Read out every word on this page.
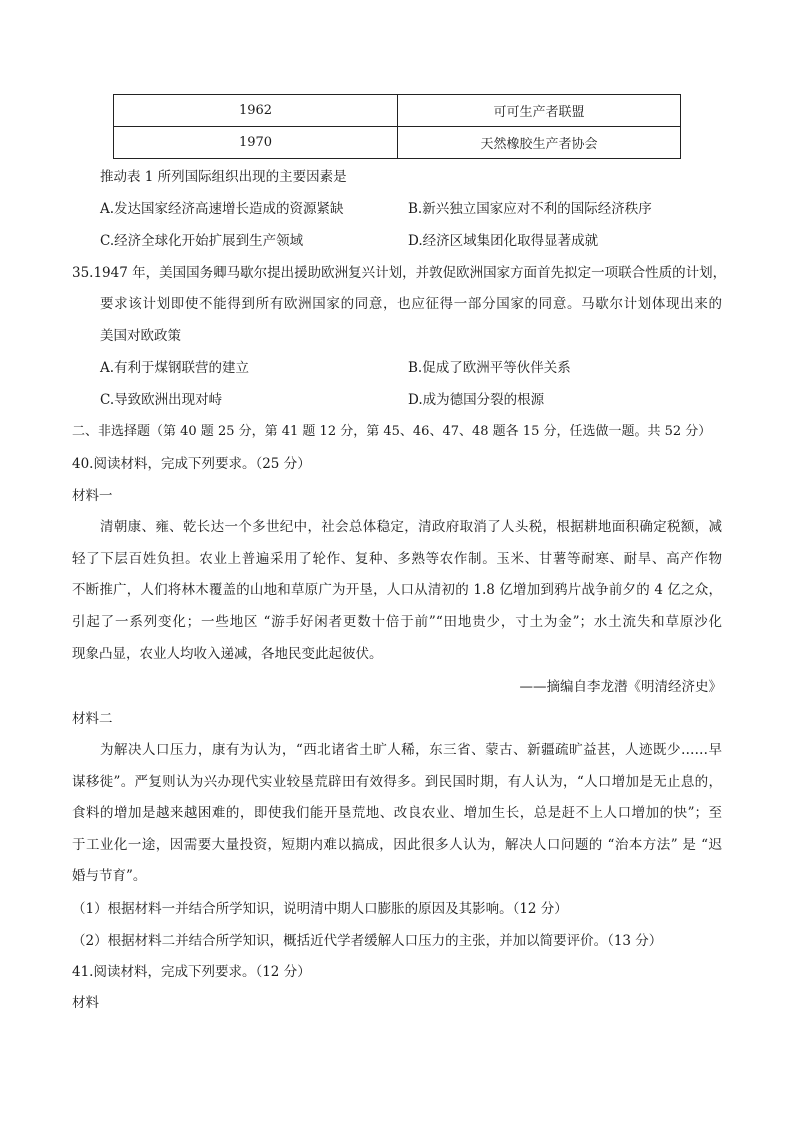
1962	可可生产者联盟
1970	天然橡胶生产者协会
推动表 1 所列国际组织出现的主要因素是
A.发达国家经济高速增长造成的资源紧缺	B.新兴独立国家应对不利的国际经济秩序
C.经济全球化开始扩展到生产领域	D.经济区域集团化取得显著成就
35.1947 年，美国国务卿马歇尔提出援助欧洲复兴计划，并敦促欧洲国家方面首先拟定一项联合性质的计划，
要求该计划即使不能得到所有欧洲国家的同意，也应征得一部分国家的同意。马歇尔计划体现出来的
美国对欧政策
A.有利于煤钢联营的建立	B.促成了欧洲平等伙伴关系
C.导致欧洲出现对峙	D.成为德国分裂的根源
二、非选择题（第 40 题 25 分，第 41 题 12 分，第 45、46、47、48 题各 15 分，任选做一题。共 52 分）
40.阅读材料，完成下列要求。（25 分）
材料一
清朝康、雍、乾长达一个多世纪中，社会总体稳定，清政府取消了人头税，根据耕地面积确定税额，减
轻了下层百姓负担。农业上普遍采用了轮作、复种、多熟等农作制。玉米、甘薯等耐寒、耐旱、高产作物
不断推广，人们将林木覆盖的山地和草原广为开垦，人口从清初的 1.8 亿增加到鸦片战争前夕的 4 亿之众，
引起了一系列变化；一些地区 “游手好闲者更数十倍于前”“田地贵少，寸土为金”；水土流失和草原沙化
现象凸显，农业人均收入递减，各地民变此起彼伏。
——摘编自李龙潜《明清经济史》
材料二
为解决人口压力，康有为认为，“西北诸省土旷人稀，东三省、蒙古、新疆疏旷益甚，人迹既少……早
谋移徙”。严复则认为兴办现代实业较垦荒辟田有效得多。到民国时期，有人认为，“人口增加是无止息的，
食料的增加是越来越困难的，即使我们能开垦荒地、改良农业、增加生长，总是赶不上人口增加的快”；至
于工业化一途，因需要大量投资，短期内难以搞成，因此很多人认为，解决人口问题的 “治本方法” 是 “迟
婚与节育”。
（1）根据材料一并结合所学知识，说明清中期人口膨胀的原因及其影响。（12 分）
（2）根据材料二并结合所学知识，概括近代学者缓解人口压力的主张，并加以简要评价。（13 分）
41.阅读材料，完成下列要求。（12 分）
材料
